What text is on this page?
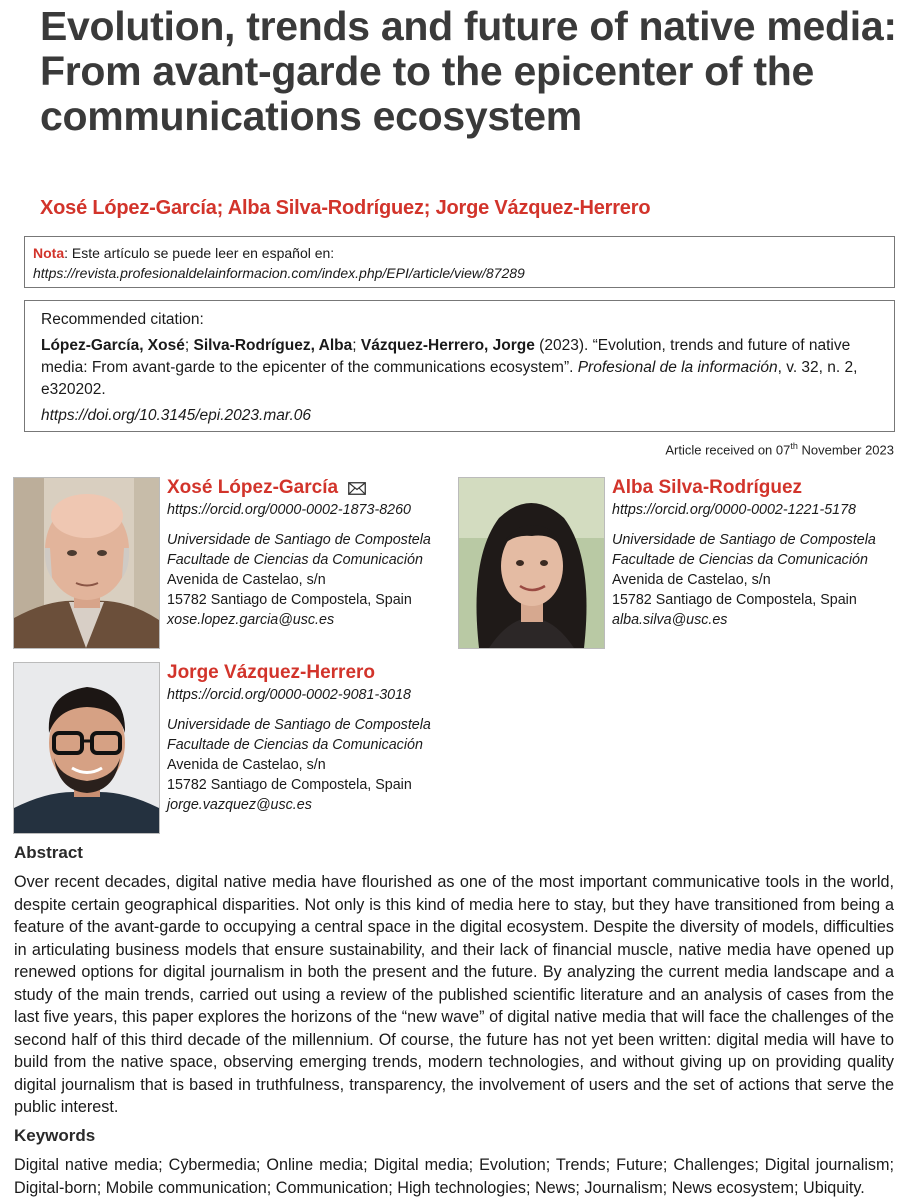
Evolution, trends and future of native media: From avant-garde to the epicenter of the communications ecosystem
Xosé López-García; Alba Silva-Rodríguez; Jorge Vázquez-Herrero
Nota: Este artículo se puede leer en español en:
https://revista.profesionaldelainformacion.com/index.php/EPI/article/view/87289

Recommended citation:

López-García, Xosé; Silva-Rodríguez, Alba; Vázquez-Herrero, Jorge (2023). “Evolution, trends and future of native media: From avant-garde to the epicenter of the communications ecosystem”. Profesional de la información, v. 32, n. 2, e320202.

https://doi.org/10.3145/epi.2023.mar.06

Article received on 07th November 2023
Xosé López-García
https://orcid.org/0000-0002-1873-8260
Universidade de Santiago de Compostela
Facultade de Ciencias da Comunicación
Avenida de Castelao, s/n
15782 Santiago de Compostela, Spain
xose.lopez.garcia@usc.es
Alba Silva-Rodríguez
https://orcid.org/0000-0002-1221-5178
Universidade de Santiago de Compostela
Facultade de Ciencias da Comunicación
Avenida de Castelao, s/n
15782 Santiago de Compostela, Spain
alba.silva@usc.es
Jorge Vázquez-Herrero
https://orcid.org/0000-0002-9081-3018
Universidade de Santiago de Compostela
Facultade de Ciencias da Comunicación
Avenida de Castelao, s/n
15782 Santiago de Compostela, Spain
jorge.vazquez@usc.es
Abstract
Over recent decades, digital native media have flourished as one of the most important communicative tools in the world, despite certain geographical disparities. Not only is this kind of media here to stay, but they have transitioned from being a feature of the avant-garde to occupying a central space in the digital ecosystem. Despite the diversity of models, difficulties in articulating business models that ensure sustainability, and their lack of financial muscle, native media have opened up renewed options for digital journalism in both the present and the future. By analyzing the current media landscape and a study of the main trends, carried out using a review of the published scientific literature and an analysis of cases from the last five years, this paper explores the horizons of the “new wave” of digital native media that will face the challenges of the second half of this third decade of the millennium. Of course, the future has not yet been written: digital media will have to build from the native space, observing emerging trends, modern technologies, and without giving up on providing quality digital journalism that is based in truthfulness, transparency, the involvement of users and the set of actions that serve the public interest.
Keywords
Digital native media; Cybermedia; Online media; Digital media; Evolution; Trends; Future; Challenges; Digital journalism; Digital-born; Mobile communication; Communication; High technologies; News; Journalism; News ecosystem; Ubiquity.
